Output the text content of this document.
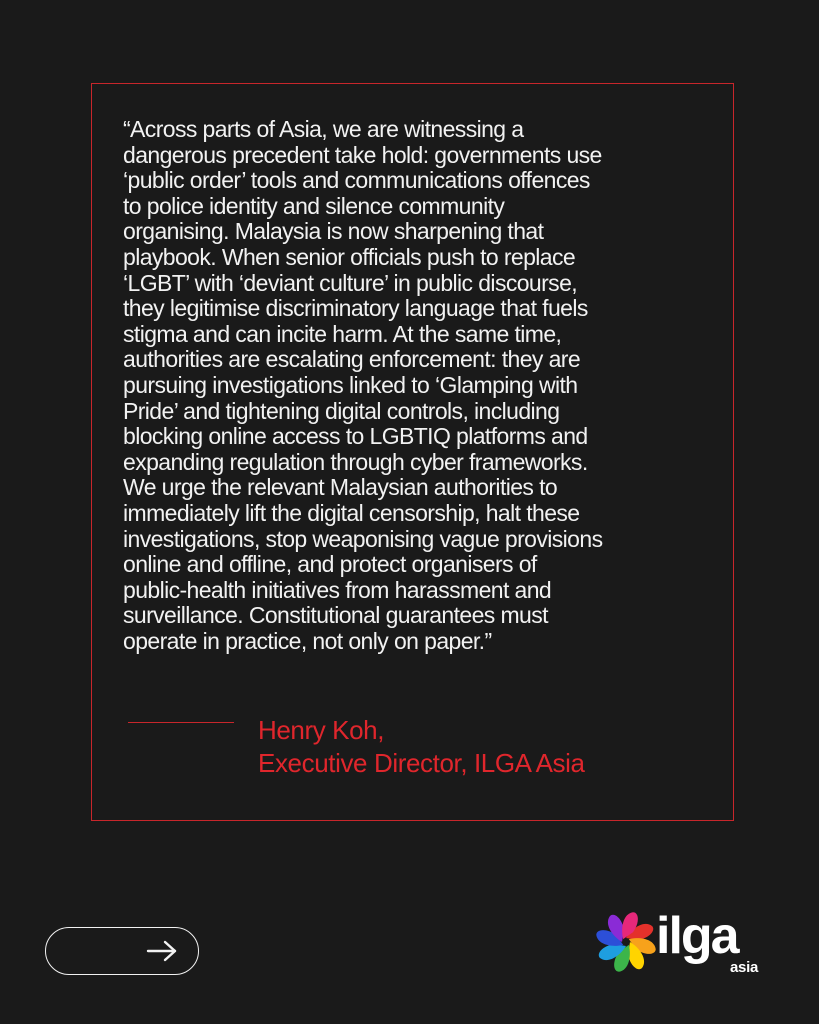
“Across parts of Asia, we are witnessing a
dangerous precedent take hold: governments use
‘public order’ tools and communications offences
to police identity and silence community
organising. Malaysia is now sharpening that
playbook. When senior officials push to replace
‘LGBT’ with ‘deviant culture’ in public discourse,
they legitimise discriminatory language that fuels
stigma and can incite harm. At the same time,
authorities are escalating enforcement: they are
pursuing investigations linked to ‘Glamping with
Pride’ and tightening digital controls, including
blocking online access to LGBTIQ platforms and
expanding regulation through cyber frameworks.
We urge the relevant Malaysian authorities to
immediately lift the digital censorship, halt these
investigations, stop weaponising vague provisions
online and offline, and protect organisers of
public-health initiatives from harassment and
surveillance. Constitutional guarantees must
operate in practice, not only on paper.”
Henry Koh,
Executive Director, ILGA Asia
ilga
asia
